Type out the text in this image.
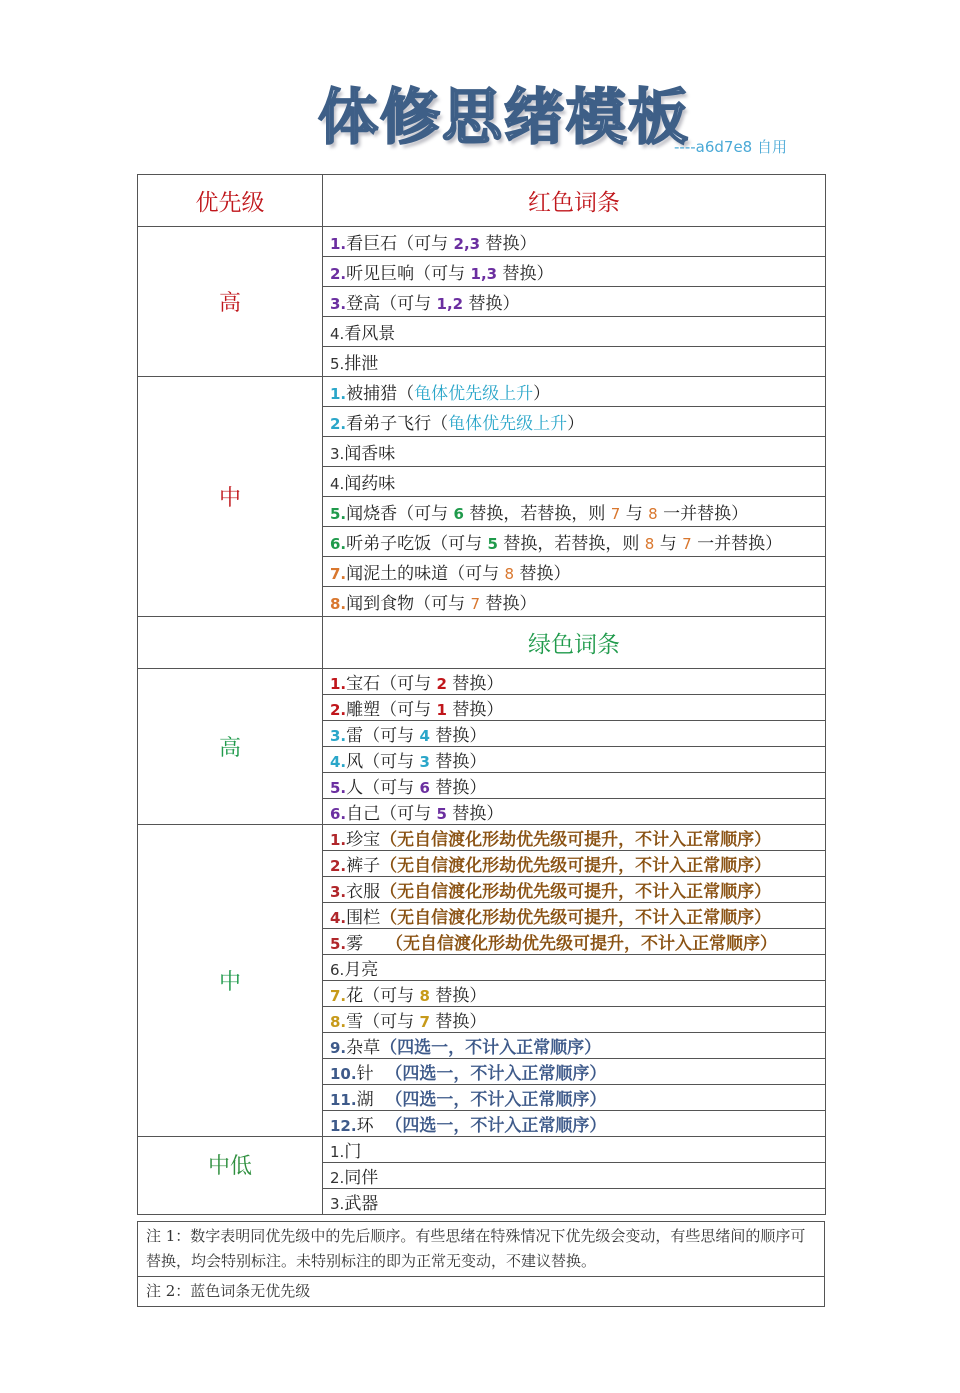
体修思绪模板
----a6d7e8 自用
优先级	红色词条
高	1.看巨石（可与 2,3 替换）
	2.听见巨响（可与 1,3 替换）
	3.登高（可与 1,2 替换）
	4.看风景
	5.排泄
中	1.被捕猎（龟体优先级上升）
	2.看弟子飞行（龟体优先级上升）
	3.闻香味
	4.闻药味
	5.闻烧香（可与 6 替换，若替换，则 7 与 8 一并替换）
	6.听弟子吃饭（可与 5 替换，若替换，则 8 与 7 一并替换）
	7.闻泥土的味道（可与 8 替换）
	8.闻到食物（可与 7 替换）
	绿色词条
高	1.宝石（可与 2 替换）
	2.雕塑（可与 1 替换）
	3.雷（可与 4 替换）
	4.风（可与 3 替换）
	5.人（可与 6 替换）
	6.自己（可与 5 替换）
中	1.珍宝（无自信渡化形劫优先级可提升，不计入正常顺序）
	2.裤子（无自信渡化形劫优先级可提升，不计入正常顺序）
	3.衣服（无自信渡化形劫优先级可提升，不计入正常顺序）
	4.围栏（无自信渡化形劫优先级可提升，不计入正常顺序）
	5.雾　 （无自信渡化形劫优先级可提升，不计入正常顺序）
	6.月亮
	7.花（可与 8 替换）
	8.雪（可与 7 替换）
	9.杂草（四选一，不计入正常顺序）
	10.针  （四选一，不计入正常顺序）
	11.湖  （四选一，不计入正常顺序）
	12.环  （四选一，不计入正常顺序）
中低	1.门
	2.同伴
	3.武器
注 1：数字表明同优先级中的先后顺序。有些思绪在特殊情况下优先级会变动，有些思绪间的顺序可替换，均会特别标注。未特别标注的即为正常无变动，不建议替换。
注 2：蓝色词条无优先级
